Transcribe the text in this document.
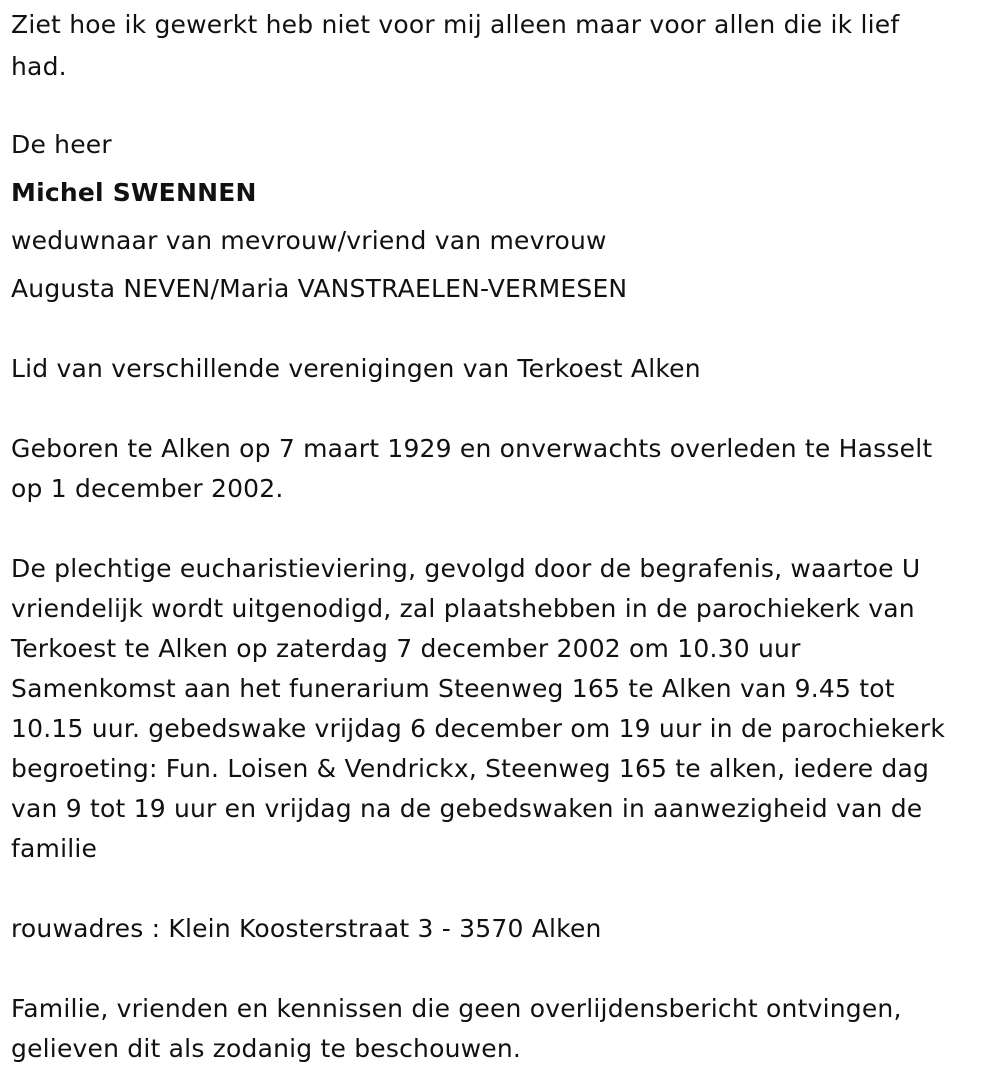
Ziet hoe ik gewerkt heb niet voor mij alleen maar voor allen die ik lief
had.
De heer
Michel SWENNEN
weduwnaar van mevrouw/vriend van mevrouw
Augusta NEVEN/Maria VANSTRAELEN-VERMESEN
Lid van verschillende verenigingen van Terkoest Alken
Geboren te Alken op 7 maart 1929 en onverwachts overleden te Hasselt
op 1 december 2002.
De plechtige eucharistieviering, gevolgd door de begrafenis, waartoe U
vriendelijk wordt uitgenodigd, zal plaatshebben in de parochiekerk van
Terkoest te Alken op zaterdag 7 december 2002 om 10.30 uur
Samenkomst aan het funerarium Steenweg 165 te Alken van 9.45 tot
10.15 uur. gebedswake vrijdag 6 december om 19 uur in de parochiekerk
begroeting: Fun. Loisen & Vendrickx, Steenweg 165 te alken, iedere dag
van 9 tot 19 uur en vrijdag na de gebedswaken in aanwezigheid van de
familie
rouwadres : Klein Koosterstraat 3 - 3570 Alken
Familie, vrienden en kennissen die geen overlijdensbericht ontvingen,
gelieven dit als zodanig te beschouwen.
